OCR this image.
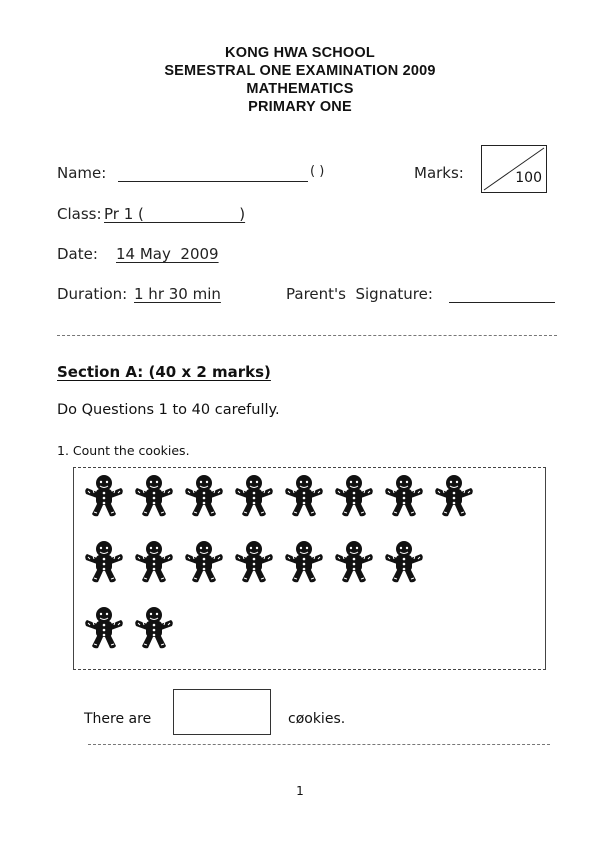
KONG HWA SCHOOL
SEMESTRAL ONE EXAMINATION 2009
MATHEMATICS
PRIMARY ONE
Name:	( )	Marks:	100
Class: Pr 1 (                    )
Date: 14 May  2009
Duration: 1 hr 30 min	Parent's  Signature:
Section A: (40 x 2 marks)
Do Questions 1 to 40 carefully.
1. Count the cookies.
There are	cøokies.
1
